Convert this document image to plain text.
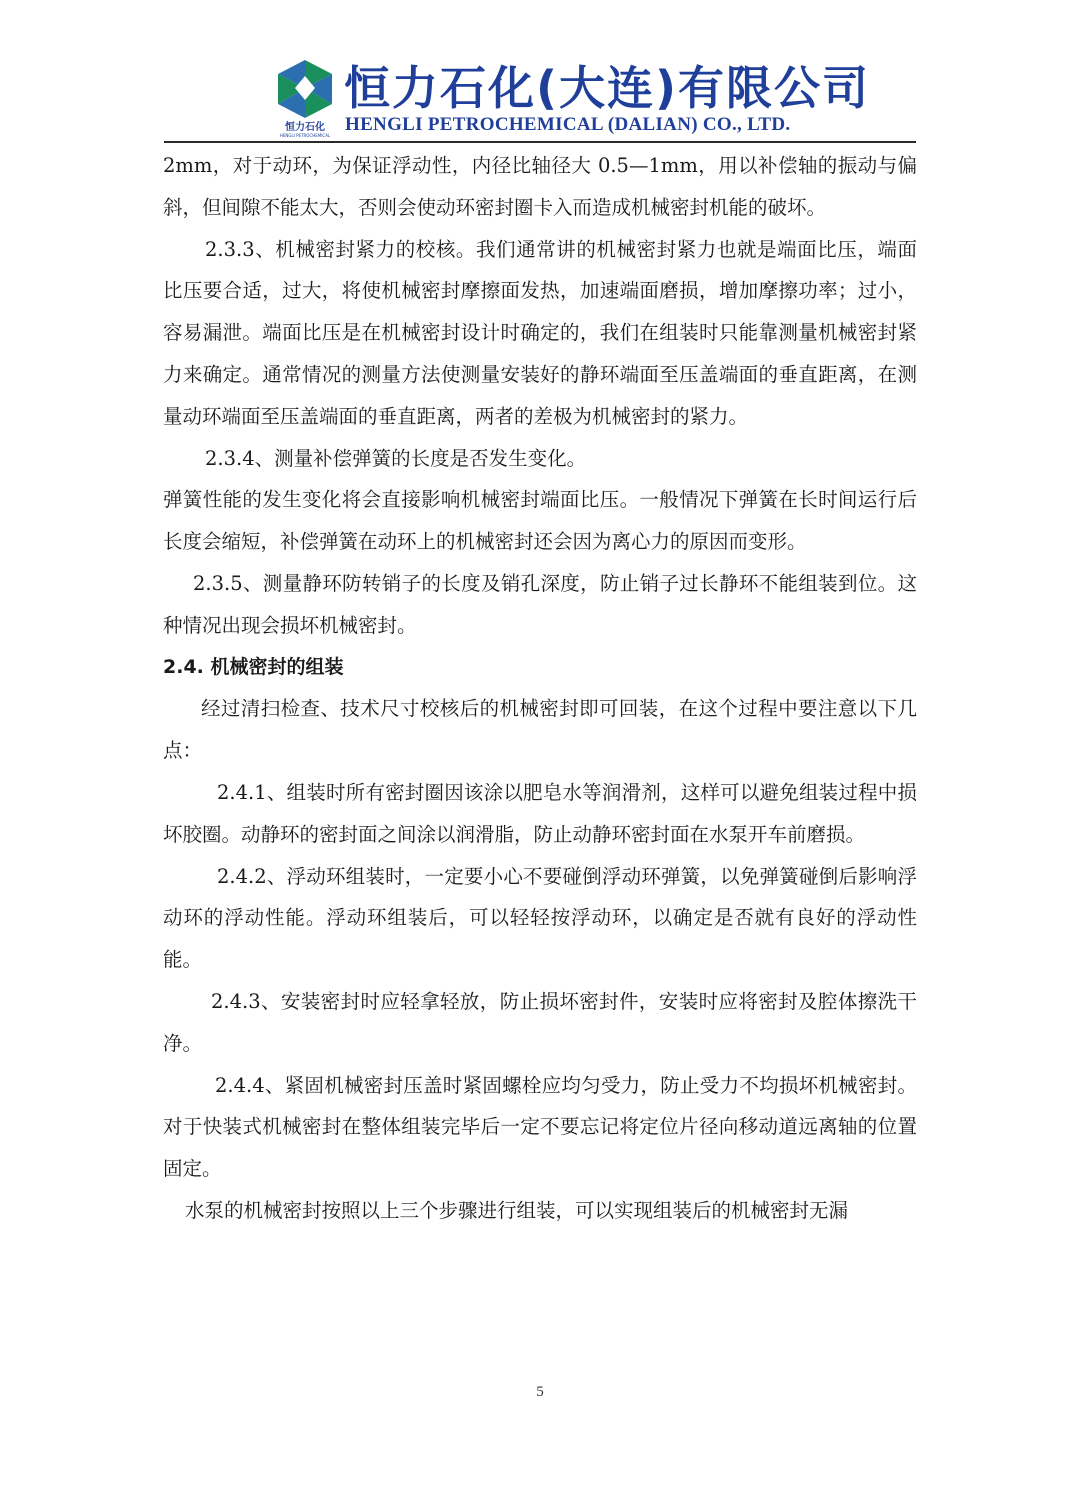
恒力石化
HENGLI PETROCHEMICAL
恒力石化(大连)有限公司
HENGLI PETROCHEMICAL (DALIAN) CO., LTD.

2mm，对于动环，为保证浮动性，内径比轴径大 0.5—1mm，用以补偿轴的振动与偏斜，但间隙不能太大，否则会使动环密封圈卡入而造成机械密封机能的破坏。

2.3.3、机械密封紧力的校核。我们通常讲的机械密封紧力也就是端面比压，端面比压要合适，过大，将使机械密封摩擦面发热，加速端面磨损，增加摩擦功率；过小，容易漏泄。端面比压是在机械密封设计时确定的，我们在组装时只能靠测量机械密封紧力来确定。通常情况的测量方法使测量安装好的静环端面至压盖端面的垂直距离，在测量动环端面至压盖端面的垂直距离，两者的差极为机械密封的紧力。

2.3.4、测量补偿弹簧的长度是否发生变化。

弹簧性能的发生变化将会直接影响机械密封端面比压。一般情况下弹簧在长时间运行后长度会缩短，补偿弹簧在动环上的机械密封还会因为离心力的原因而变形。

2.3.5、测量静环防转销子的长度及销孔深度，防止销子过长静环不能组装到位。这种情况出现会损坏机械密封。

2.4. 机械密封的组装

经过清扫检查、技术尺寸校核后的机械密封即可回装，在这个过程中要注意以下几点：

2.4.1、组装时所有密封圈因该涂以肥皂水等润滑剂，这样可以避免组装过程中损坏胶圈。动静环的密封面之间涂以润滑脂，防止动静环密封面在水泵开车前磨损。

2.4.2、浮动环组装时，一定要小心不要碰倒浮动环弹簧，以免弹簧碰倒后影响浮动环的浮动性能。浮动环组装后，可以轻轻按浮动环，以确定是否就有良好的浮动性能。

2.4.3、安装密封时应轻拿轻放，防止损坏密封件，安装时应将密封及腔体擦洗干净。

2.4.4、紧固机械密封压盖时紧固螺栓应均匀受力，防止受力不均损坏机械密封。对于快装式机械密封在整体组装完毕后一定不要忘记将定位片径向移动道远离轴的位置固定。

水泵的机械密封按照以上三个步骤进行组装，可以实现组装后的机械密封无漏

5
